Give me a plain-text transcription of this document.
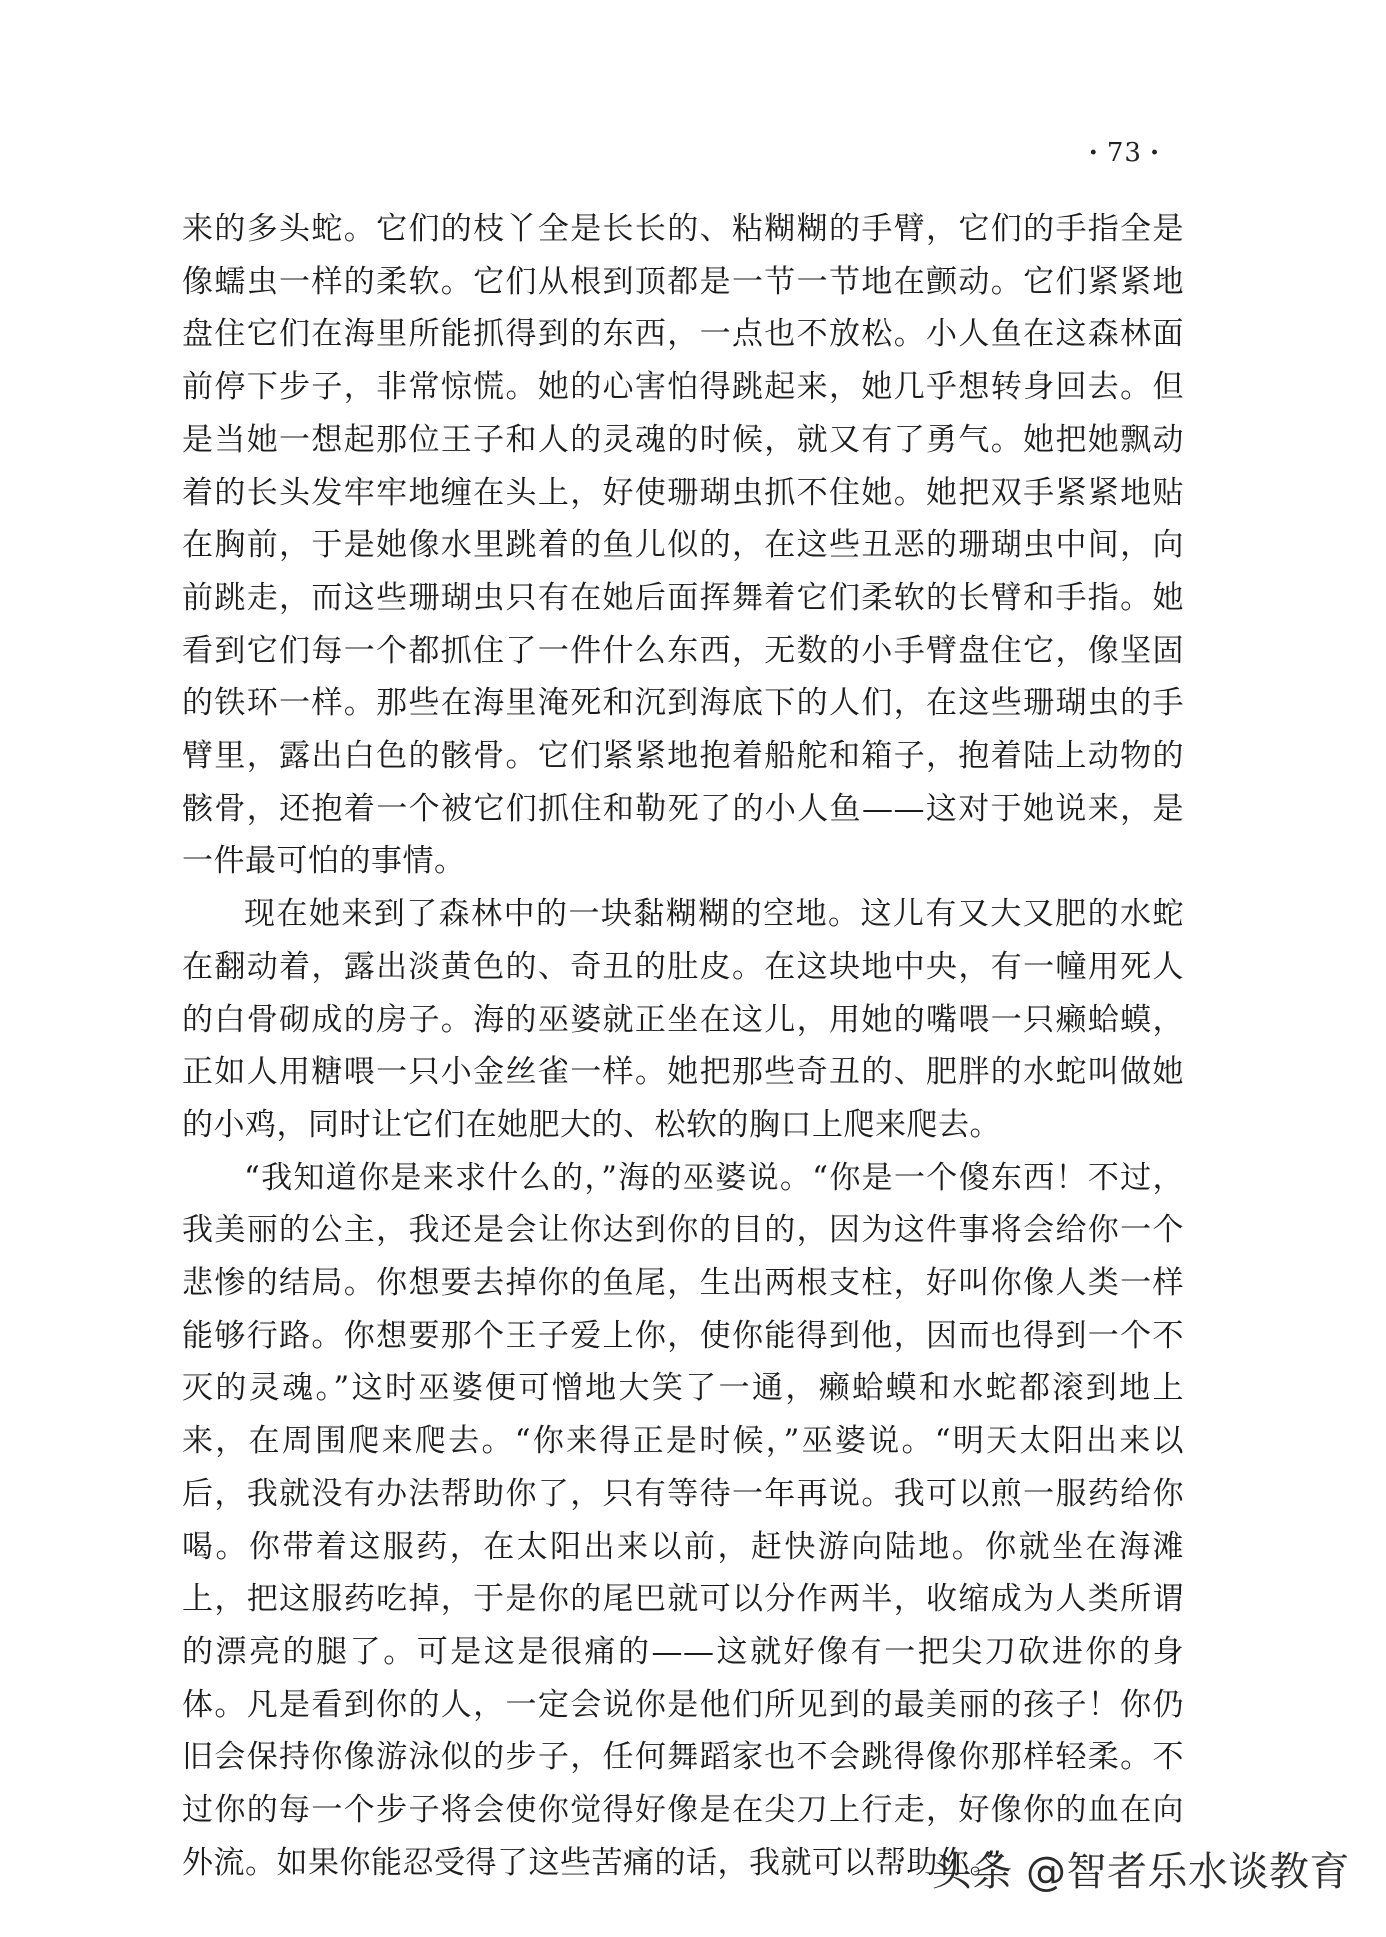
· 73 ·

来的多头蛇。它们的枝丫全是长长的、粘糊糊的手臂，它们的手指全是像蠕虫一样的柔软。它们从根到顶都是一节一节地在颤动。它们紧紧地盘住它们在海里所能抓得到的东西，一点也不放松。小人鱼在这森林面前停下步子，非常惊慌。她的心害怕得跳起来，她几乎想转身回去。但是当她一想起那位王子和人的灵魂的时候，就又有了勇气。她把她飘动着的长头发牢牢地缠在头上，好使珊瑚虫抓不住她。她把双手紧紧地贴在胸前，于是她像水里跳着的鱼儿似的，在这些丑恶的珊瑚虫中间，向前跳走，而这些珊瑚虫只有在她后面挥舞着它们柔软的长臂和手指。她看到它们每一个都抓住了一件什么东西，无数的小手臂盘住它，像坚固的铁环一样。那些在海里淹死和沉到海底下的人们，在这些珊瑚虫的手臂里，露出白色的骸骨。它们紧紧地抱着船舵和箱子，抱着陆上动物的骸骨，还抱着一个被它们抓住和勒死了的小人鱼——这对于她说来，是一件最可怕的事情。

现在她来到了森林中的一块黏糊糊的空地。这儿有又大又肥的水蛇在翻动着，露出淡黄色的、奇丑的肚皮。在这块地中央，有一幢用死人的白骨砌成的房子。海的巫婆就正坐在这儿，用她的嘴喂一只癞蛤蟆，正如人用糖喂一只小金丝雀一样。她把那些奇丑的、肥胖的水蛇叫做她的小鸡，同时让它们在她肥大的、松软的胸口上爬来爬去。

“我知道你是来求什么的，”海的巫婆说。“你是一个傻东西！不过，我美丽的公主，我还是会让你达到你的目的，因为这件事将会给你一个悲惨的结局。你想要去掉你的鱼尾，生出两根支柱，好叫你像人类一样能够行路。你想要那个王子爱上你，使你能得到他，因而也得到一个不灭的灵魂。”这时巫婆便可憎地大笑了一通，癞蛤蟆和水蛇都滚到地上来，在周围爬来爬去。“你来得正是时候，”巫婆说。“明天太阳出来以后，我就没有办法帮助你了，只有等待一年再说。我可以煎一服药给你喝。你带着这服药，在太阳出来以前，赶快游向陆地。你就坐在海滩上，把这服药吃掉，于是你的尾巴就可以分作两半，收缩成为人类所谓的漂亮的腿了。可是这是很痛的——这就好像有一把尖刀砍进你的身体。凡是看到你的人，一定会说你是他们所见到的最美丽的孩子！你仍旧会保持你像游泳似的步子，任何舞蹈家也不会跳得像你那样轻柔。不过你的每一个步子将会使你觉得好像是在尖刀上行走，好像你的血在向外流。如果你能忍受得了这些苦痛的话，我就可以帮助你。”

头条 @智者乐水谈教育
